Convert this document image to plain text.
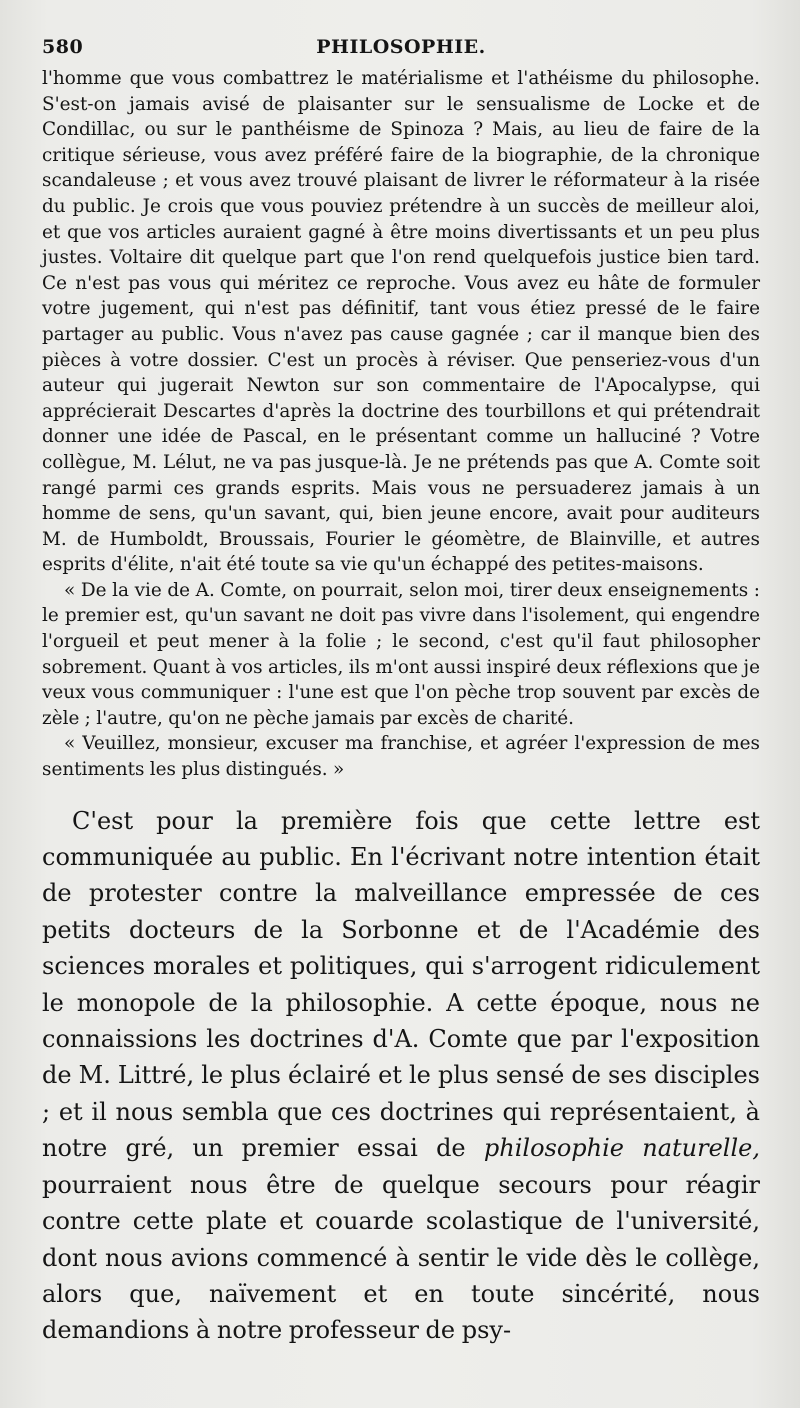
580	PHILOSOPHIE.

l'homme que vous combattrez le matérialisme et l'athéisme du philosophe. S'est-on jamais avisé de plaisanter sur le sensualisme de Locke et de Condillac, ou sur le panthéisme de Spinoza ? Mais, au lieu de faire de la critique sérieuse, vous avez préféré faire de la biographie, de la chronique scandaleuse ; et vous avez trouvé plaisant de livrer le réformateur à la risée du public. Je crois que vous pouviez prétendre à un succès de meilleur aloi, et que vos articles auraient gagné à être moins divertissants et un peu plus justes. Voltaire dit quelque part que l'on rend quelquefois justice bien tard. Ce n'est pas vous qui méritez ce reproche. Vous avez eu hâte de formuler votre jugement, qui n'est pas définitif, tant vous étiez pressé de le faire partager au public. Vous n'avez pas cause gagnée ; car il manque bien des pièces à votre dossier. C'est un procès à réviser. Que penseriez-vous d'un auteur qui jugerait Newton sur son commentaire de l'Apocalypse, qui apprécierait Descartes d'après la doctrine des tourbillons et qui prétendrait donner une idée de Pascal, en le présentant comme un halluciné ? Votre collègue, M. Lélut, ne va pas jusque-là. Je ne prétends pas que A. Comte soit rangé parmi ces grands esprits. Mais vous ne persuaderez jamais à un homme de sens, qu'un savant, qui, bien jeune encore, avait pour auditeurs M. de Humboldt, Broussais, Fourier le géomètre, de Blainville, et autres esprits d'élite, n'ait été toute sa vie qu'un échappé des petites-maisons.

« De la vie de A. Comte, on pourrait, selon moi, tirer deux enseignements : le premier est, qu'un savant ne doit pas vivre dans l'isolement, qui engendre l'orgueil et peut mener à la folie ; le second, c'est qu'il faut philosopher sobrement. Quant à vos articles, ils m'ont aussi inspiré deux réflexions que je veux vous communiquer : l'une est que l'on pèche trop souvent par excès de zèle ; l'autre, qu'on ne pèche jamais par excès de charité.

« Veuillez, monsieur, excuser ma franchise, et agréer l'expression de mes sentiments les plus distingués. »

C'est pour la première fois que cette lettre est communiquée au public. En l'écrivant notre intention était de protester contre la malveillance empressée de ces petits docteurs de la Sorbonne et de l'Académie des sciences morales et politiques, qui s'arrogent ridiculement le monopole de la philosophie. A cette époque, nous ne connaissions les doctrines d'A. Comte que par l'exposition de M. Littré, le plus éclairé et le plus sensé de ses disciples ; et il nous sembla que ces doctrines qui représentaient, à notre gré, un premier essai de philosophie naturelle, pourraient nous être de quelque secours pour réagir contre cette plate et couarde scolastique de l'université, dont nous avions commencé à sentir le vide dès le collège, alors que, naïvement et en toute sincérité, nous demandions à notre professeur de psy-
